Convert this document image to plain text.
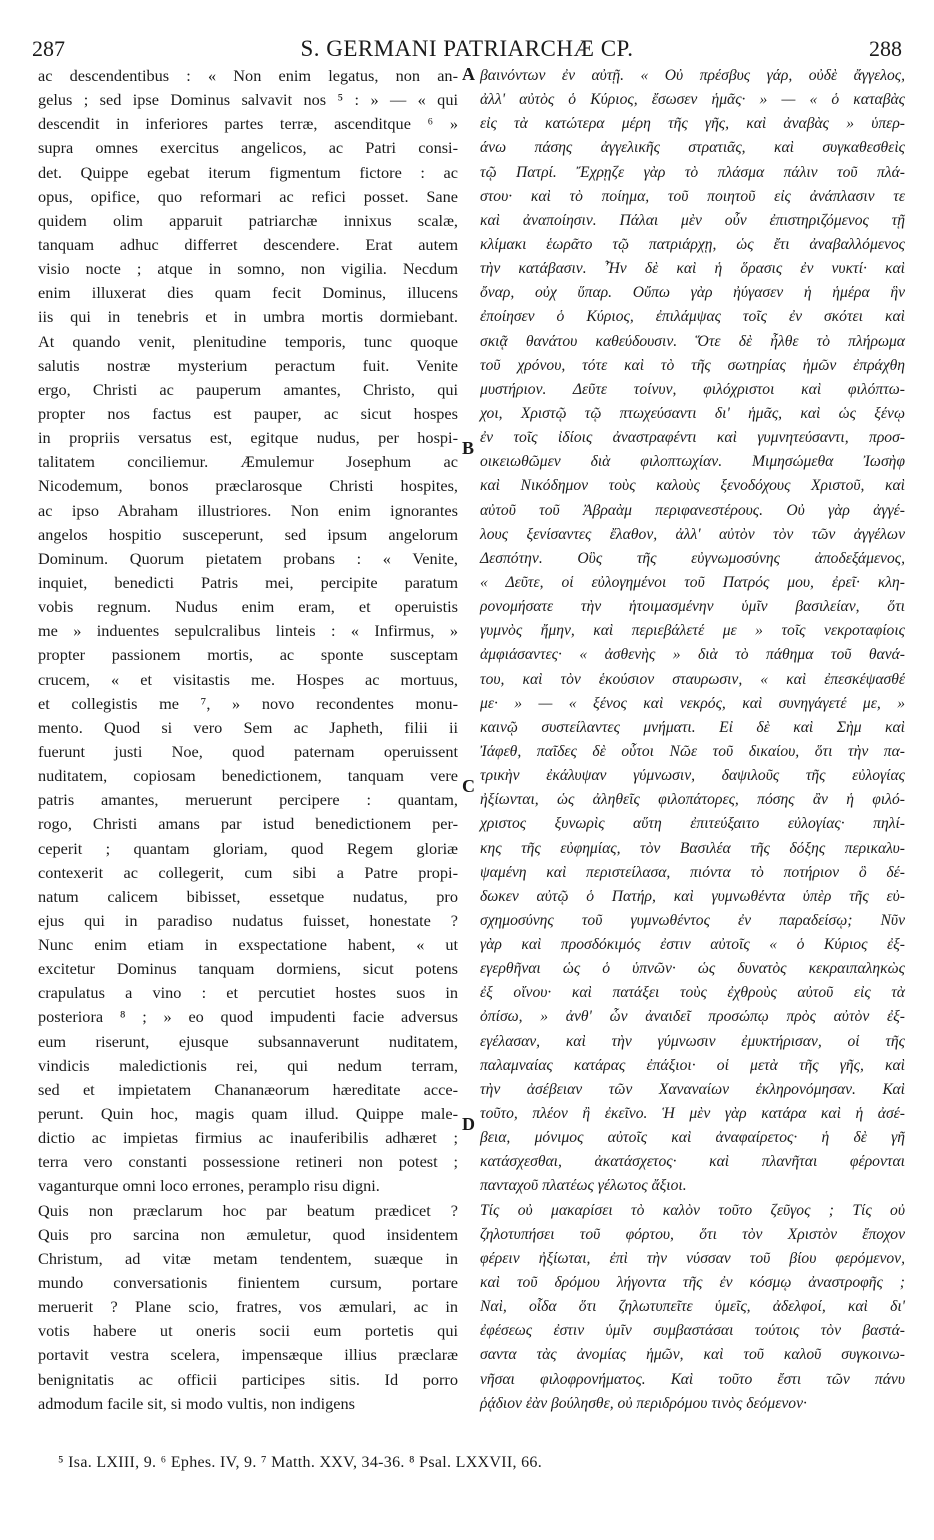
287	S. GERMANI PATRIARCHÆ CP.	288
ac descendentibus : « Non enim legatus, non an-
gelus ; sed ipse Dominus salvavit nos ⁵ : » — « qui
descendit in inferiores partes terræ, ascenditque ⁶ »
supra omnes exercitus angelicos, ac Patri consi-
det. Quippe egebat iterum figmentum fictore : ac
opus, opifice, quo reformari ac refici posset. Sane
quidem olim apparuit patriarchæ innixus scalæ,
tanquam adhuc differret descendere. Erat autem
visio nocte ; atque in somno, non vigilia. Necdum
enim illuxerat dies quam fecit Dominus, illucens
iis qui in tenebris et in umbra mortis dormiebant.
At quando venit, plenitudine temporis, tunc quoque
salutis nostræ mysterium peractum fuit. Venite
ergo, Christi ac pauperum amantes, Christo, qui
propter nos factus est pauper, ac sicut hospes
in propriis versatus est, egitque nudus, per hospi-
talitatem conciliemur. Æmulemur Josephum ac
Nicodemum, bonos præclarosque Christi hospites,
ac ipso Abraham illustriores. Non enim ignorantes
angelos hospitio susceperunt, sed ipsum angelorum
Dominum. Quorum pietatem probans : « Venite,
inquiet, benedicti Patris mei, percipite paratum
vobis regnum. Nudus enim eram, et operuistis
me » induentes sepulcralibus linteis : « Infirmus, »
propter passionem mortis, ac sponte susceptam
crucem, « et visitastis me. Hospes ac mortuus,
et collegistis me ⁷, » novo recondentes monu-
mento. Quod si vero Sem ac Japheth, filii ii
fuerunt justi Noe, quod paternam operuissent
nuditatem, copiosam benedictionem, tanquam vere
patris amantes, meruerunt percipere : quantam,
rogo, Christi amans par istud benedictionem per-
ceperit ; quantam gloriam, quod Regem gloriæ
contexerit ac collegerit, cum sibi a Patre propi-
natum calicem bibisset, essetque nudatus, pro
ejus qui in paradiso nudatus fuisset, honestate ?
Nunc enim etiam in exspectatione habent, « ut
excitetur Dominus tanquam dormiens, sicut potens
crapulatus a vino : et percutiet hostes suos in
posteriora ⁸ ; » eo quod impudenti facie adversus
eum riserunt, ejusque subsannaverunt nuditatem,
vindicis maledictionis rei, qui nedum terram,
sed et impietatem Chananæorum hæreditate acce-
perunt. Quin hoc, magis quam illud. Quippe male-
dictio ac impietas firmius ac inauferibilis adhæret ;
terra vero constanti possessione retineri non potest ;
vaganturque omni loco errones, peramplo risu digni.
Quis non præclarum hoc par beatum prædicet ?
Quis pro sarcina non æmuletur, quod insidentem
Christum, ad vitæ metam tendentem, suæque in
mundo conversationis finientem cursum, portare
meruerit ? Plane scio, fratres, vos æmulari, ac in
votis habere ut oneris socii eum portetis qui
portavit vestra scelera, impensæque illius præclaræ
benignitatis ac officii participes sitis. Id porro
admodum facile sit, si modo vultis, non indigens
βαινόντων ἐν αὐτῇ. « Οὐ πρέσβυς γάρ, οὐδὲ ἄγγελος,
ἀλλ' αὐτὸς ὁ Κύριος, ἔσωσεν ἡμᾶς· » — « ὁ καταβὰς
εἰς τὰ κατώτερα μέρη τῆς γῆς, καὶ ἀναβὰς » ὑπερ-
άνω πάσης ἀγγελικῆς στρατιᾶς, καὶ συγκαθεσθεὶς
τῷ Πατρί. Ἔχρῃζε γὰρ τὸ πλάσμα πάλιν τοῦ πλά-
στου· καὶ τὸ ποίημα, τοῦ ποιητοῦ εἰς ἀνάπλασιν τε
καὶ ἀναποίησιν. Πάλαι μὲν οὖν ἐπιστηριζόμενος τῇ
κλίμακι ἑωρᾶτο τῷ πατριάρχῃ, ὡς ἔτι ἀναβαλλόμενος
τὴν κατάβασιν. Ἦν δὲ καὶ ἡ ὅρασις ἐν νυκτί· καὶ
ὄναρ, οὐχ ὕπαρ. Οὔπω γὰρ ἠύγασεν ἡ ἡμέρα ἣν
ἐποίησεν ὁ Κύριος, ἐπιλάμψας τοῖς ἐν σκότει καὶ
σκιᾷ θανάτου καθεύδουσιν. Ὅτε δὲ ἦλθε τὸ πλήρωμα
τοῦ χρόνου, τότε καὶ τὸ τῆς σωτηρίας ἡμῶν ἐπράχθη
μυστήριον. Δεῦτε τοίνυν, φιλόχριστοι καὶ φιλόπτω-
χοι, Χριστῷ τῷ πτωχεύσαντι δι' ἡμᾶς, καὶ ὡς ξένῳ
ἐν τοῖς ἰδίοις ἀναστραφέντι καὶ γυμνητεύσαντι, προσ-
οικειωθῶμεν διὰ φιλοπτωχίαν. Μιμησώμεθα Ἰωσὴφ
καὶ Νικόδημον τοὺς καλοὺς ξενοδόχους Χριστοῦ, καὶ
αὐτοῦ τοῦ Ἀβραὰμ περιφανεστέρους. Οὐ γὰρ ἀγγέ-
λους ξενίσαντες ἔλαθον, ἀλλ' αὐτὸν τὸν τῶν ἀγγέλων
Δεσπότην. Οὓς τῆς εὐγνωμοσύνης ἀποδεξάμενος,
« Δεῦτε, οἱ εὐλογημένοι τοῦ Πατρός μου, ἐρεῖ· κλη-
ρονομήσατε τὴν ἡτοιμασμένην ὑμῖν βασιλείαν, ὅτι
γυμνὸς ἤμην, καὶ περιεβάλετέ με » τοῖς νεκροταφίοις
ἀμφιάσαντες· « ἀσθενὴς » διὰ τὸ πάθημα τοῦ θανά-
του, καὶ τὸν ἑκούσιον σταυρωσιν, « καὶ ἐπεσκέψασθέ
με· » — « ξένος καὶ νεκρός, καὶ συνηγάγετέ με, »
καινῷ συστείλαντες μνήματι. Εἰ δὲ καὶ Σὴμ καὶ
Ἰάφεθ, παῖδες δὲ οὗτοι Νῶε τοῦ δικαίου, ὅτι τὴν πα-
τρικὴν ἐκάλυψαν γύμνωσιν, δαψιλοῦς τῆς εὐλογίας
ἠξίωνται, ὡς ἀληθεῖς φιλοπάτορες, πόσης ἂν ἡ φιλό-
χριστος ξυνωρὶς αὕτη ἐπιτεύξαιτο εὐλογίας· πηλί-
κης τῆς εὐφημίας, τὸν Βασιλέα τῆς δόξης περικαλυ-
ψαμένη καὶ περιστείλασα, πιόντα τὸ ποτήριον ὃ δέ-
δωκεν αὐτῷ ὁ Πατήρ, καὶ γυμνωθέντα ὑπὲρ τῆς εὐ-
σχημοσύνης τοῦ γυμνωθέντος ἐν παραδείσῳ; Νῦν
γὰρ καὶ προσδόκιμός ἐστιν αὐτοῖς « ὁ Κύριος ἐξ-
εγερθῆναι ὡς ὁ ὑπνῶν· ὡς δυνατὸς κεκραιπαληκὼς
ἐξ οἴνου· καὶ πατάξει τοὺς ἐχθροὺς αὐτοῦ εἰς τὰ
ὀπίσω, » ἀνθ' ὧν ἀναιδεῖ προσώπῳ πρὸς αὐτὸν ἐξ-
εγέλασαν, καὶ τὴν γύμνωσιν ἐμυκτήρισαν, οἱ τῆς
παλαμναίας κατάρας ἐπάξιοι· οἱ μετὰ τῆς γῆς, καὶ
τὴν ἀσέβειαν τῶν Χαναναίων ἐκληρονόμησαν. Καὶ
τοῦτο, πλέον ἢ ἐκεῖνο. Ἡ μὲν γὰρ κατάρα καὶ ἡ ἀσέ-
βεια, μόνιμος αὐτοῖς καὶ ἀναφαίρετος· ἡ δὲ γῆ
κατάσχεσθαι, ἀκατάσχετος· καὶ πλανῆται φέρονται
πανταχοῦ πλατέως γέλωτος ἄξιοι.
Τίς οὐ μακαρίσει τὸ καλὸν τοῦτο ζεῦγος ; Τίς οὐ
ζηλοτυπήσει τοῦ φόρτου, ὅτι τὸν Χριστὸν ἔποχον
φέρειν ἠξίωται, ἐπὶ τὴν νύσσαν τοῦ βίου φερόμενον,
καὶ τοῦ δρόμου λήγοντα τῆς ἐν κόσμῳ ἀναστροφῆς ;
Ναὶ, οἶδα ὅτι ζηλωτυπεῖτε ὑμεῖς, ἀδελφοί, καὶ δι'
ἐφέσεως ἐστιν ὑμῖν συμβαστάσαι τούτοις τὸν βαστά-
σαντα τὰς ἀνομίας ἡμῶν, καὶ τοῦ καλοῦ συγκοινω-
νῆσαι φιλοφρονήματος. Καὶ τοῦτο ἔστι τῶν πάνυ
ῥᾴδιον ἐὰν βούλησθε, οὐ περιδρόμου τινὸς δεόμενον·
A
B
C
D
⁵ Isa. LXIII, 9. ⁶ Ephes. IV, 9. ⁷ Matth. XXV, 34-36. ⁸ Psal. LXXVII, 66.
